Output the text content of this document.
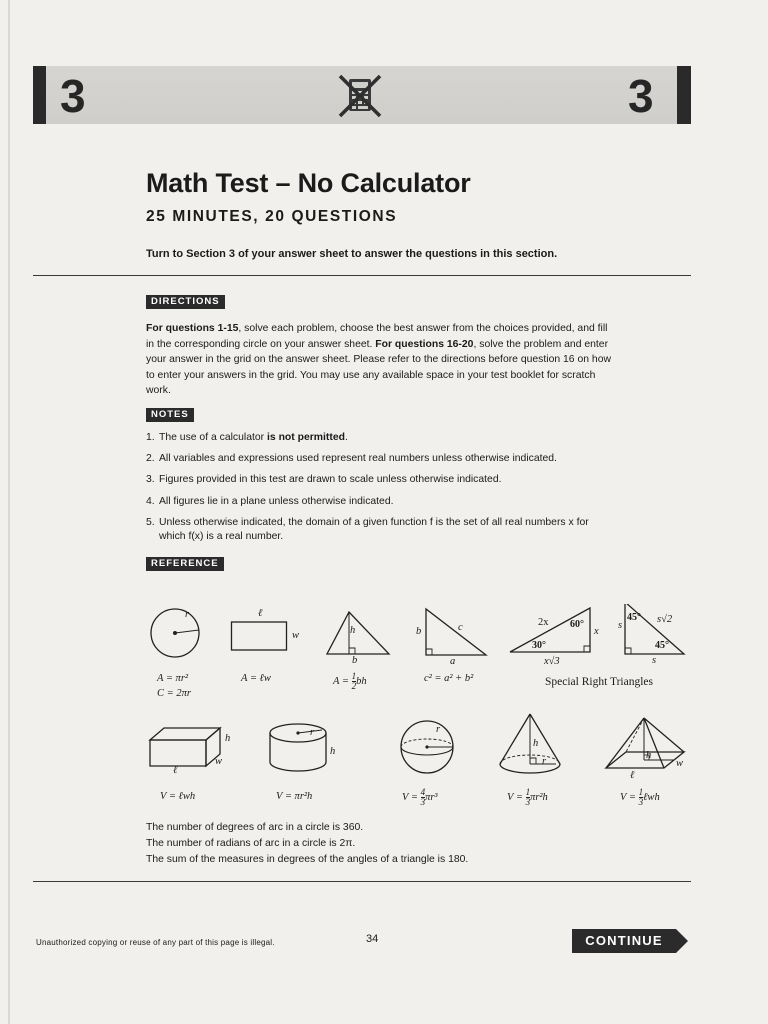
3	3
Math Test – No Calculator
25 MINUTES, 20 QUESTIONS
Turn to Section 3 of your answer sheet to answer the questions in this section.
DIRECTIONS
For questions 1-15, solve each problem, choose the best answer from the choices provided, and fill in the corresponding circle on your answer sheet. For questions 16-20, solve the problem and enter your answer in the grid on the answer sheet. Please refer to the directions before question 16 on how to enter your answers in the grid. You may use any available space in your test booklet for scratch work.
NOTES
1. The use of a calculator is not permitted.
2. All variables and expressions used represent real numbers unless otherwise indicated.
3. Figures provided in this test are drawn to scale unless otherwise indicated.
4. All figures lie in a plane unless otherwise indicated.
5. Unless otherwise indicated, the domain of a given function f is the set of all real numbers x for
which f(x) is a real number.
REFERENCE
r
A = πr²
C = 2πr
ℓ
w
A = ℓw
h
b
$A = \frac{1}{2}$ bh
b	c
a
c² = a² + b²
2x 60°
30°
x
x√3
45° s√2
s
45°
s
Special Right Triangles
h
w
ℓ
V = ℓwh
r
h
V = πr²h
r
$V = \frac{4}{3} \pi r^3$
h
r
$V = \frac{1}{3} \pi r^2h$
h
w
ℓ
$V = \frac{1}{3}$ ℓwh
The number of degrees of arc in a circle is 360.
The number of radians of arc in a circle is 2π.
The sum of the measures in degrees of the angles of a triangle is 180.
Unauthorized copying or reuse of any part of this page is illegal.	34	CONTINUE
